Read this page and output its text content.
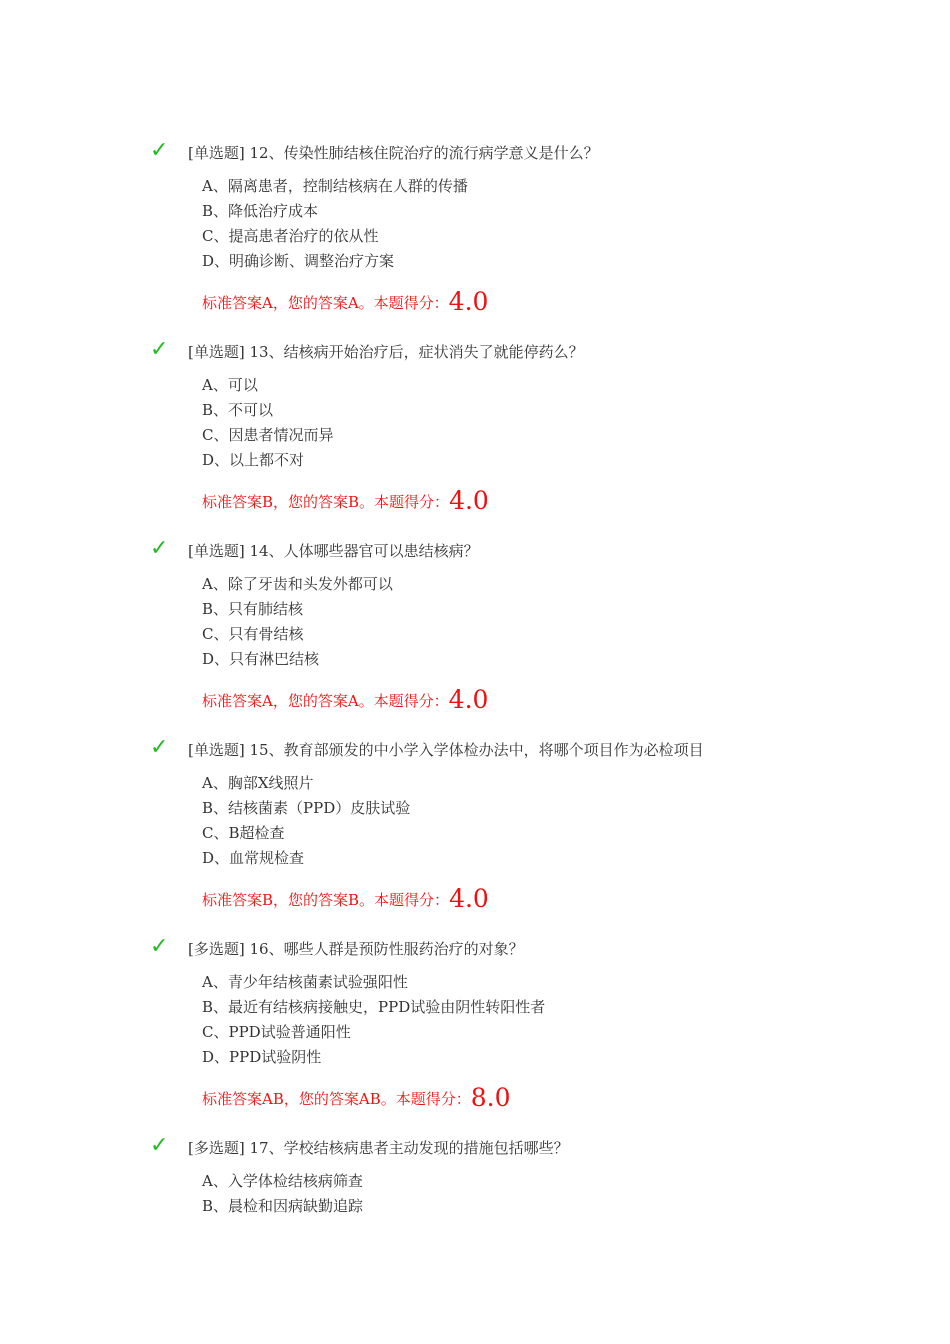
✓ [单选题] 12、传染性肺结核住院治疗的流行病学意义是什么？
A、隔离患者，控制结核病在人群的传播
B、降低治疗成本
C、提高患者治疗的依从性
D、明确诊断、调整治疗方案
标准答案A，您的答案A。本题得分：4.0
✓ [单选题] 13、结核病开始治疗后，症状消失了就能停药么？
A、可以
B、不可以
C、因患者情况而异
D、以上都不对
标准答案B，您的答案B。本题得分：4.0
✓ [单选题] 14、人体哪些器官可以患结核病？
A、除了牙齿和头发外都可以
B、只有肺结核
C、只有骨结核
D、只有淋巴结核
标准答案A，您的答案A。本题得分：4.0
✓ [单选题] 15、教育部颁发的中小学入学体检办法中，将哪个项目作为必检项目
A、胸部X线照片
B、结核菌素（PPD）皮肤试验
C、B超检查
D、血常规检查
标准答案B，您的答案B。本题得分：4.0
✓ [多选题] 16、哪些人群是预防性服药治疗的对象？
A、青少年结核菌素试验强阳性
B、最近有结核病接触史，PPD试验由阴性转阳性者
C、PPD试验普通阳性
D、PPD试验阴性
标准答案AB，您的答案AB。本题得分：8.0
✓ [多选题] 17、学校结核病患者主动发现的措施包括哪些？
A、入学体检结核病筛查
B、晨检和因病缺勤追踪
